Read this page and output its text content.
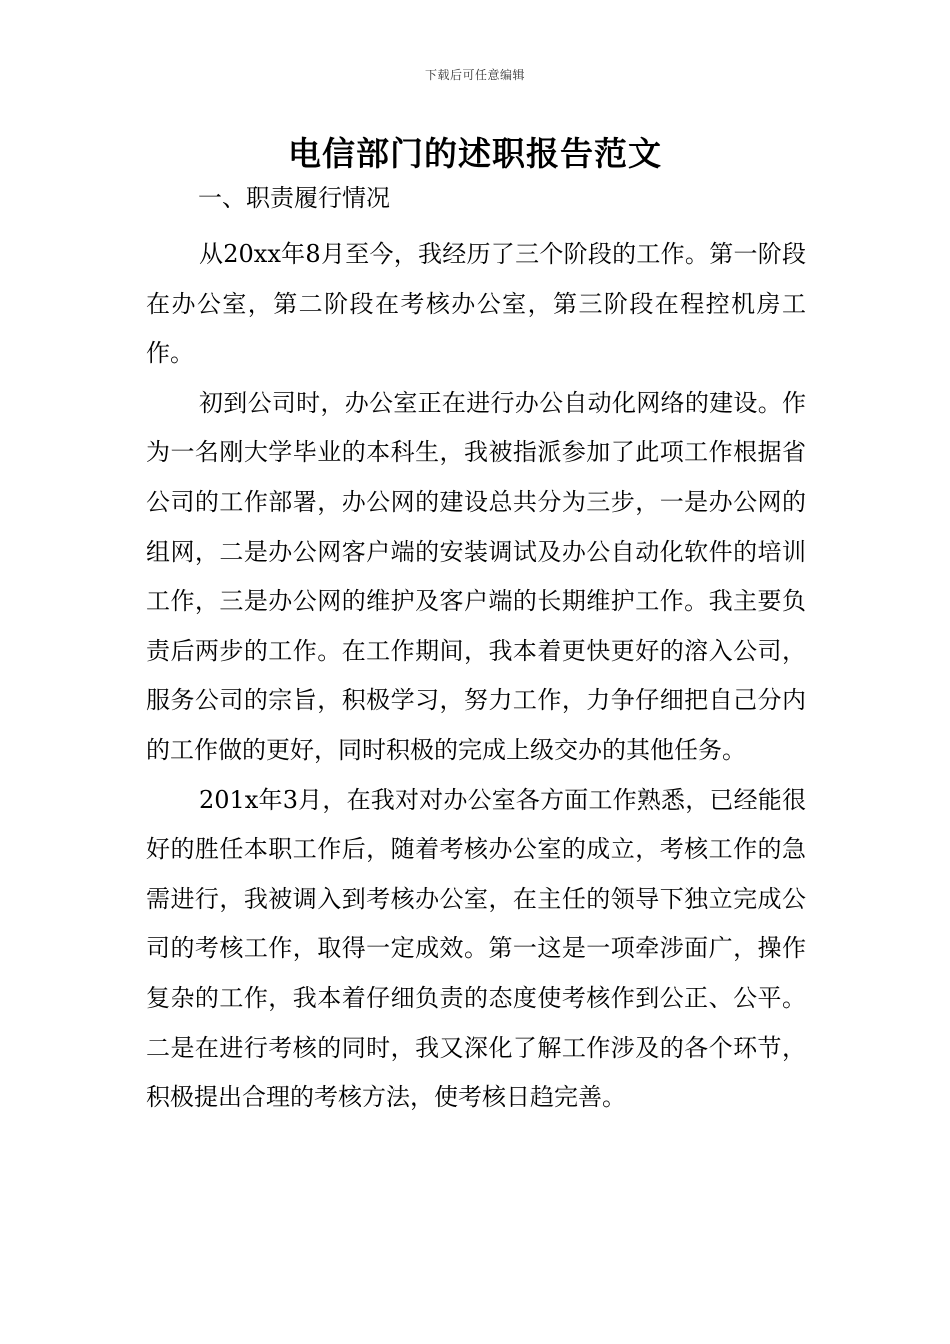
下载后可任意编辑
电信部门的述职报告范文
一、职责履行情况

从20xx年8月至今，我经历了三个阶段的工作。第一阶段在办公室，第二阶段在考核办公室，第三阶段在程控机房工作。

初到公司时，办公室正在进行办公自动化网络的建设。作为一名刚大学毕业的本科生，我被指派参加了此项工作根据省公司的工作部署，办公网的建设总共分为三步，一是办公网的组网，二是办公网客户端的安装调试及办公自动化软件的培训工作，三是办公网的维护及客户端的长期维护工作。我主要负责后两步的工作。在工作期间，我本着更快更好的溶入公司，服务公司的宗旨，积极学习，努力工作，力争仔细把自己分内的工作做的更好，同时积极的完成上级交办的其他任务。

201x年3月，在我对对办公室各方面工作熟悉，已经能很好的胜任本职工作后，随着考核办公室的成立，考核工作的急需进行，我被调入到考核办公室，在主任的领导下独立完成公司的考核工作，取得一定成效。第一这是一项牵涉面广，操作复杂的工作，我本着仔细负责的态度使考核作到公正、公平。二是在进行考核的同时，我又深化了解工作涉及的各个环节，积极提出合理的考核方法，使考核日趋完善。
